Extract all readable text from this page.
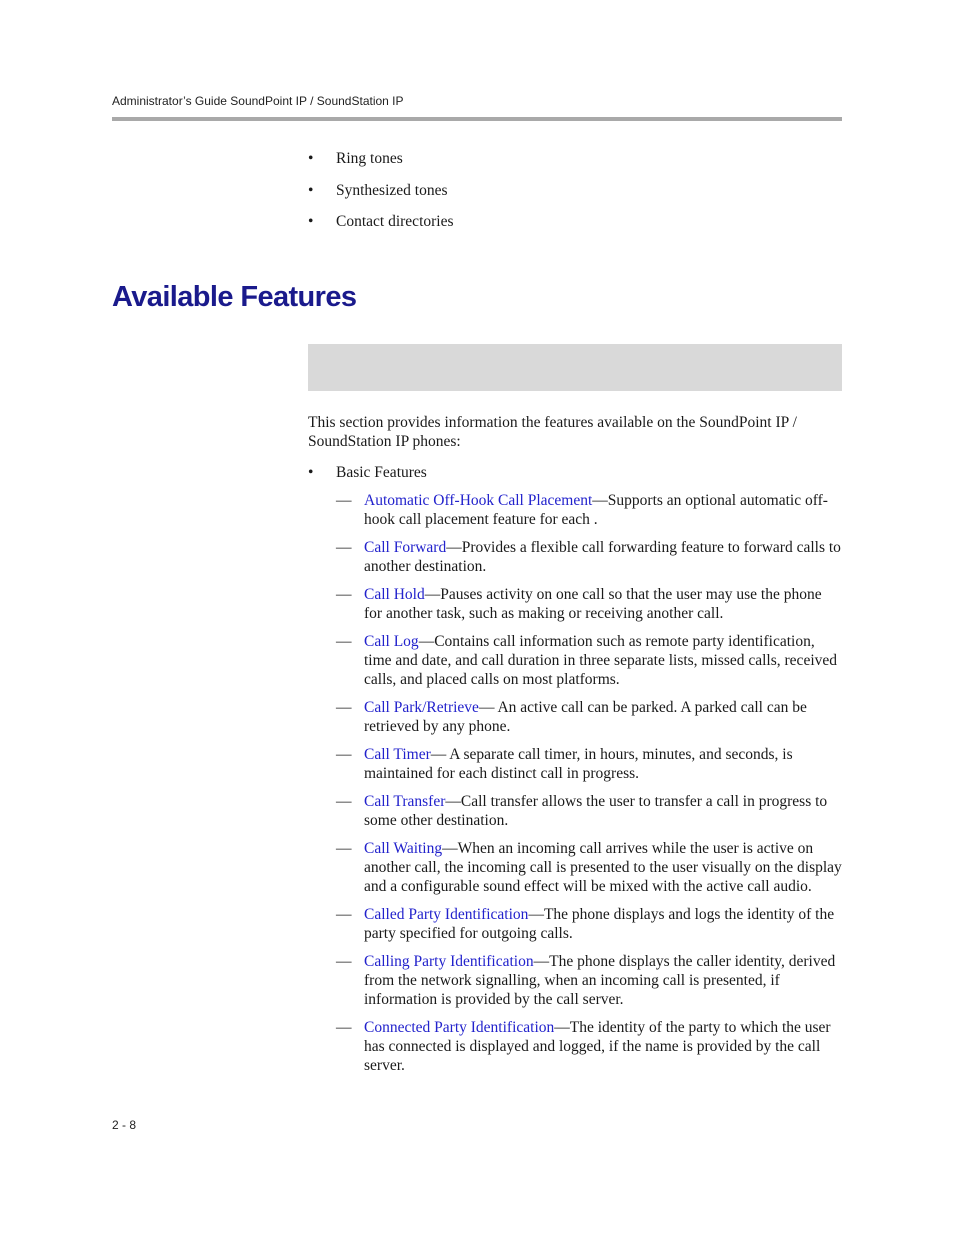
Administrator’s Guide SoundPoint IP / SoundStation IP
• Ring tones
• Synthesized tones
• Contact directories
Available Features

This section provides information the features available on the SoundPoint IP / SoundStation IP phones:

• Basic Features
— Automatic Off-Hook Call Placement—Supports an optional automatic off-hook call placement feature for each .
— Call Forward—Provides a flexible call forwarding feature to forward calls to another destination.
— Call Hold—Pauses activity on one call so that the user may use the phone for another task, such as making or receiving another call.
— Call Log—Contains call information such as remote party identification, time and date, and call duration in three separate lists, missed calls, received calls, and placed calls on most platforms.
— Call Park/Retrieve— An active call can be parked. A parked call can be retrieved by any phone.
— Call Timer— A separate call timer, in hours, minutes, and seconds, is maintained for each distinct call in progress.
— Call Transfer—Call transfer allows the user to transfer a call in progress to some other destination.
— Call Waiting—When an incoming call arrives while the user is active on another call, the incoming call is presented to the user visually on the display and a configurable sound effect will be mixed with the active call audio.
— Called Party Identification—The phone displays and logs the identity of the party specified for outgoing calls.
— Calling Party Identification—The phone displays the caller identity, derived from the network signalling, when an incoming call is presented, if information is provided by the call server.
— Connected Party Identification—The identity of the party to which the user has connected is displayed and logged, if the name is provided by the call server.
2 - 8
